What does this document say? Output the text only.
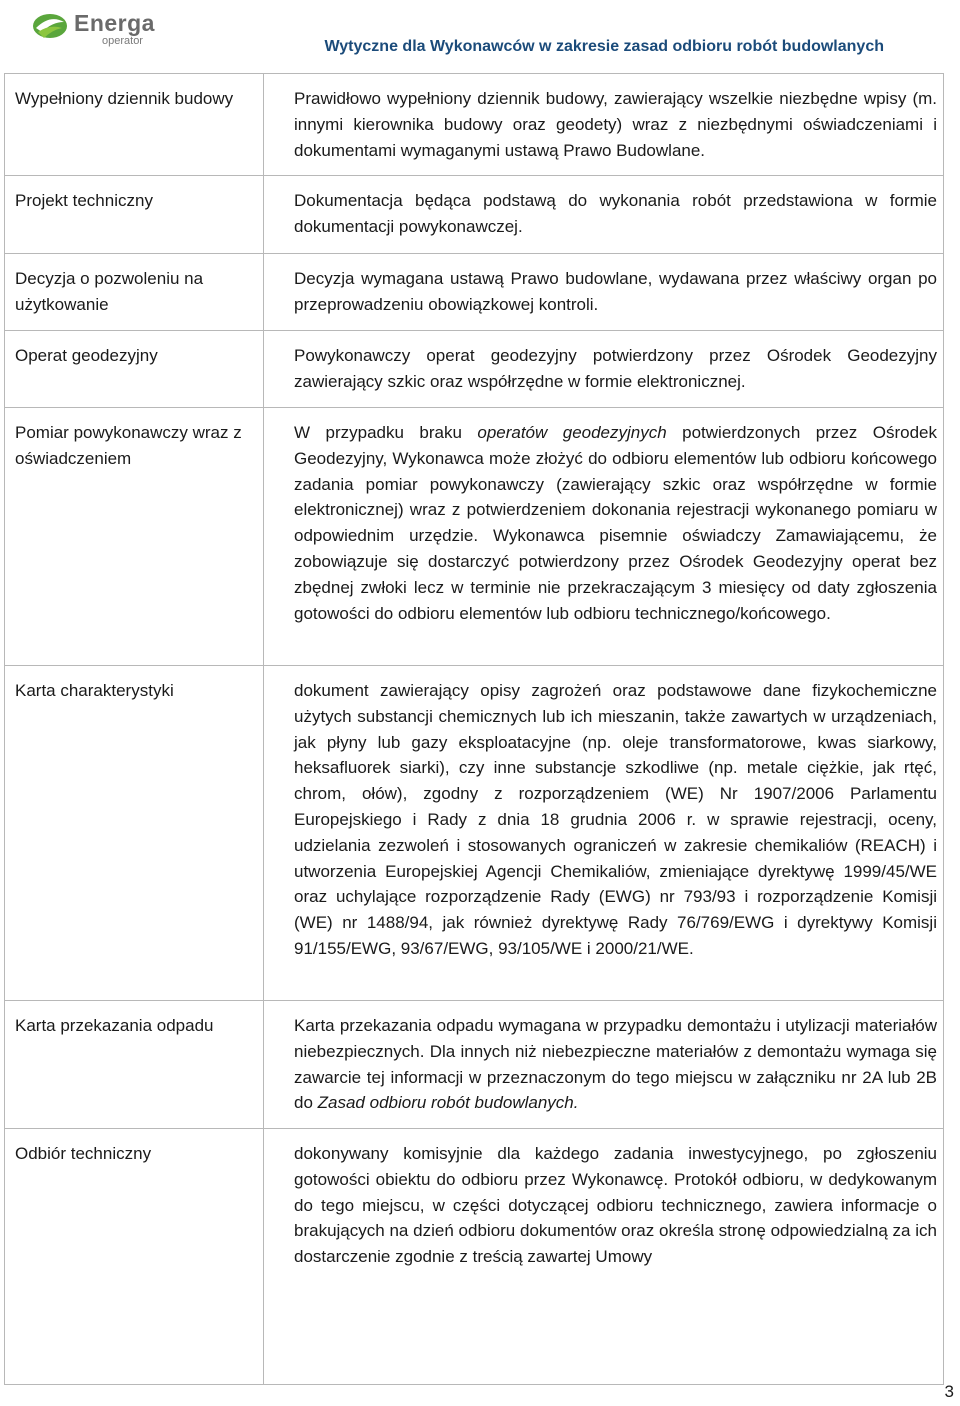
Energa
operator	Wytyczne dla Wykonawców w zakresie zasad odbioru robót budowlanych
Wypełniony dziennik budowy	Prawidłowo wypełniony dziennik budowy, zawierający wszelkie niezbędne wpisy (m. innymi kierownika budowy oraz geodety) wraz z niezbędnymi oświadczeniami i dokumentami wymaganymi ustawą Prawo Budowlane.
Projekt techniczny	Dokumentacja będąca podstawą do wykonania robót przedstawiona w formie dokumentacji powykonawczej.
Decyzja o pozwoleniu na użytkowanie	Decyzja wymagana ustawą Prawo budowlane, wydawana przez właściwy organ po przeprowadzeniu obowiązkowej kontroli.
Operat geodezyjny	Powykonawczy operat geodezyjny potwierdzony przez Ośrodek Geodezyjny zawierający szkic oraz współrzędne w formie elektronicznej.
Pomiar powykonawczy wraz z oświadczeniem	W przypadku braku operatów geodezyjnych potwierdzonych przez Ośrodek Geodezyjny, Wykonawca może złożyć do odbioru elementów lub odbioru końcowego zadania pomiar powykonawczy (zawierający szkic oraz współrzędne w formie elektronicznej) wraz z potwierdzeniem dokonania rejestracji wykonanego pomiaru w odpowiednim urzędzie. Wykonawca pisemnie oświadczy Zamawiającemu, że zobowiązuje się dostarczyć potwierdzony przez Ośrodek Geodezyjny operat bez zbędnej zwłoki lecz w terminie nie przekraczającym 3 miesięcy od daty zgłoszenia gotowości do odbioru elementów lub odbioru technicznego/końcowego.
Karta charakterystyki	dokument zawierający opisy zagrożeń oraz podstawowe dane fizykochemiczne użytych substancji chemicznych lub ich mieszanin, także zawartych w urządzeniach, jak płyny lub gazy eksploatacyjne (np. oleje transformatorowe, kwas siarkowy, heksafluorek siarki), czy inne substancje szkodliwe (np. metale ciężkie, jak rtęć, chrom, ołów), zgodny z rozporządzeniem (WE) Nr 1907/2006 Parlamentu Europejskiego i Rady z dnia 18 grudnia 2006 r. w sprawie rejestracji, oceny, udzielania zezwoleń i stosowanych ograniczeń w zakresie chemikaliów (REACH) i utworzenia Europejskiej Agencji Chemikaliów, zmieniające dyrektywę 1999/45/WE oraz uchylające rozporządzenie Rady (EWG) nr 793/93 i rozporządzenie Komisji (WE) nr 1488/94, jak również dyrektywę Rady 76/769/EWG i dyrektywy Komisji 91/155/EWG, 93/67/EWG, 93/105/WE i 2000/21/WE.
Karta przekazania odpadu	Karta przekazania odpadu wymagana w przypadku demontażu i utylizacji materiałów niebezpiecznych. Dla innych niż niebezpieczne materiałów z demontażu wymaga się zawarcie tej informacji w przeznaczonym do tego miejscu w załączniku nr 2A lub 2B do Zasad odbioru robót budowlanych.
Odbiór techniczny	dokonywany komisyjnie dla każdego zadania inwestycyjnego, po zgłoszeniu gotowości obiektu do odbioru przez Wykonawcę. Protokół odbioru, w dedykowanym do tego miejscu, w części dotyczącej odbioru technicznego, zawiera informacje o brakujących na dzień odbioru dokumentów oraz określa stronę odpowiedzialną za ich dostarczenie zgodnie z treścią zawartej Umowy
3
